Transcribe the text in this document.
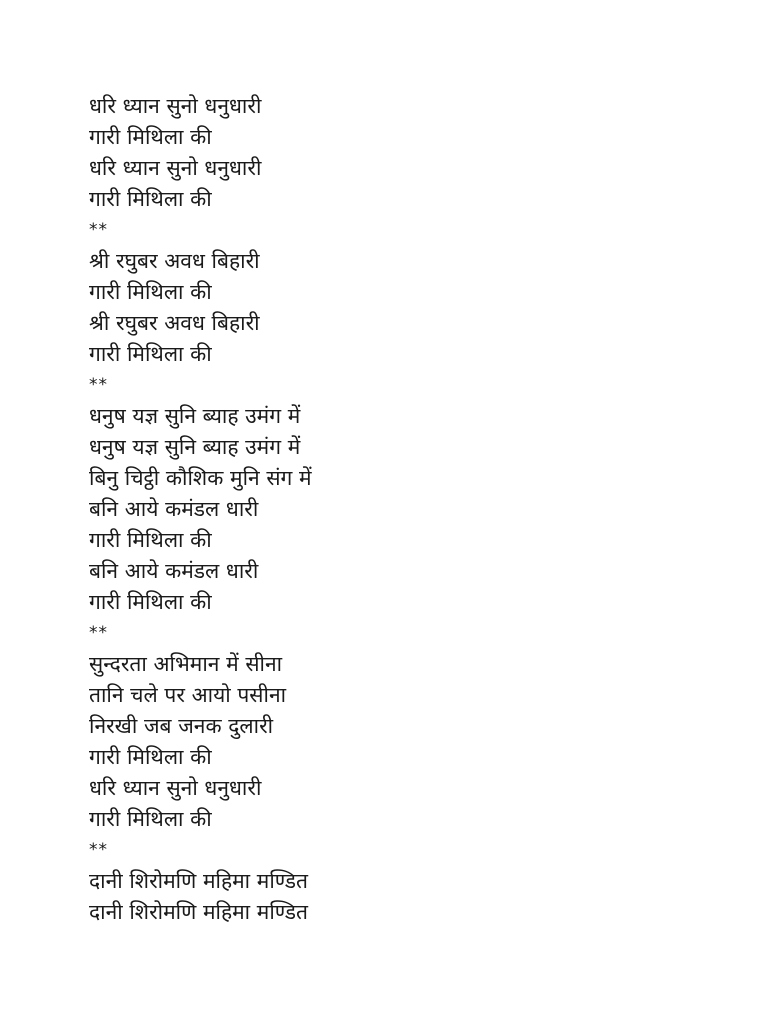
धरि ध्यान सुनो धनुधारी
गारी मिथिला की
धरि ध्यान सुनो धनुधारी
गारी मिथिला की
**
श्री रघुबर अवध बिहारी
गारी मिथिला की
श्री रघुबर अवध बिहारी
गारी मिथिला की
**
धनुष यज्ञ सुनि ब्याह उमंग में
धनुष यज्ञ सुनि ब्याह उमंग में
बिनु चिट्ठी कौशिक मुनि संग में
बनि आये कमंडल धारी
गारी मिथिला की
बनि आये कमंडल धारी
गारी मिथिला की
**
सुन्दरता अभिमान में सीना
तानि चले पर आयो पसीना
निरखी जब जनक दुलारी
गारी मिथिला की
धरि ध्यान सुनो धनुधारी
गारी मिथिला की
**
दानी शिरोमणि महिमा मण्डित
दानी शिरोमणि महिमा मण्डित
